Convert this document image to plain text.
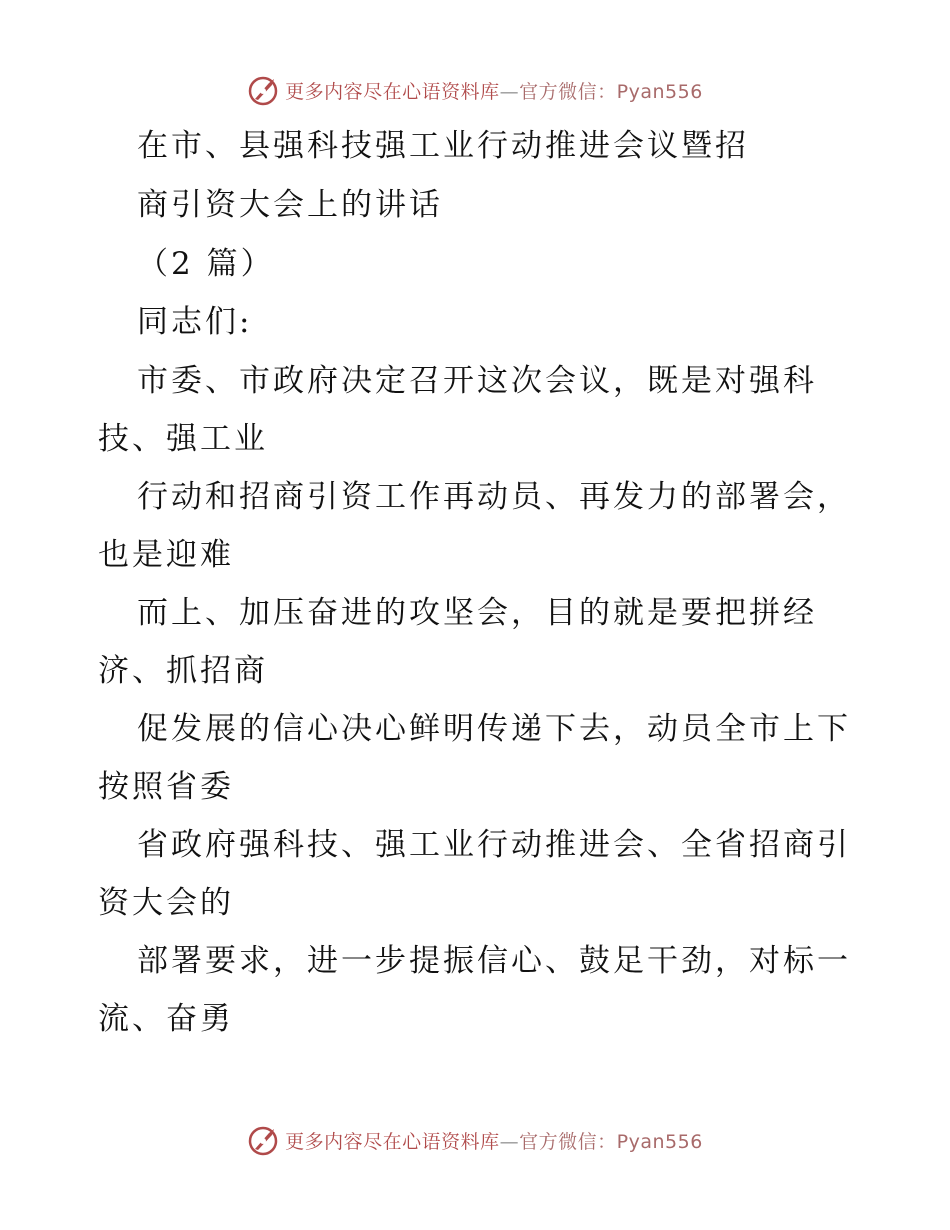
更多内容尽在心语资料库—官方微信：Pyan556
在市、县强科技强工业行动推进会议暨招
商引资大会上的讲话
（2 篇）
同志们:
市委、市政府决定召开这次会议，既是对强科
技、强工业
行动和招商引资工作再动员、再发力的部署会，
也是迎难
而上、加压奋进的攻坚会，目的就是要把拼经
济、抓招商
促发展的信心决心鲜明传递下去，动员全市上下
按照省委
省政府强科技、强工业行动推进会、全省招商引
资大会的
部署要求，进一步提振信心、鼓足干劲，对标一
流、奋勇
更多内容尽在心语资料库—官方微信：Pyan556
